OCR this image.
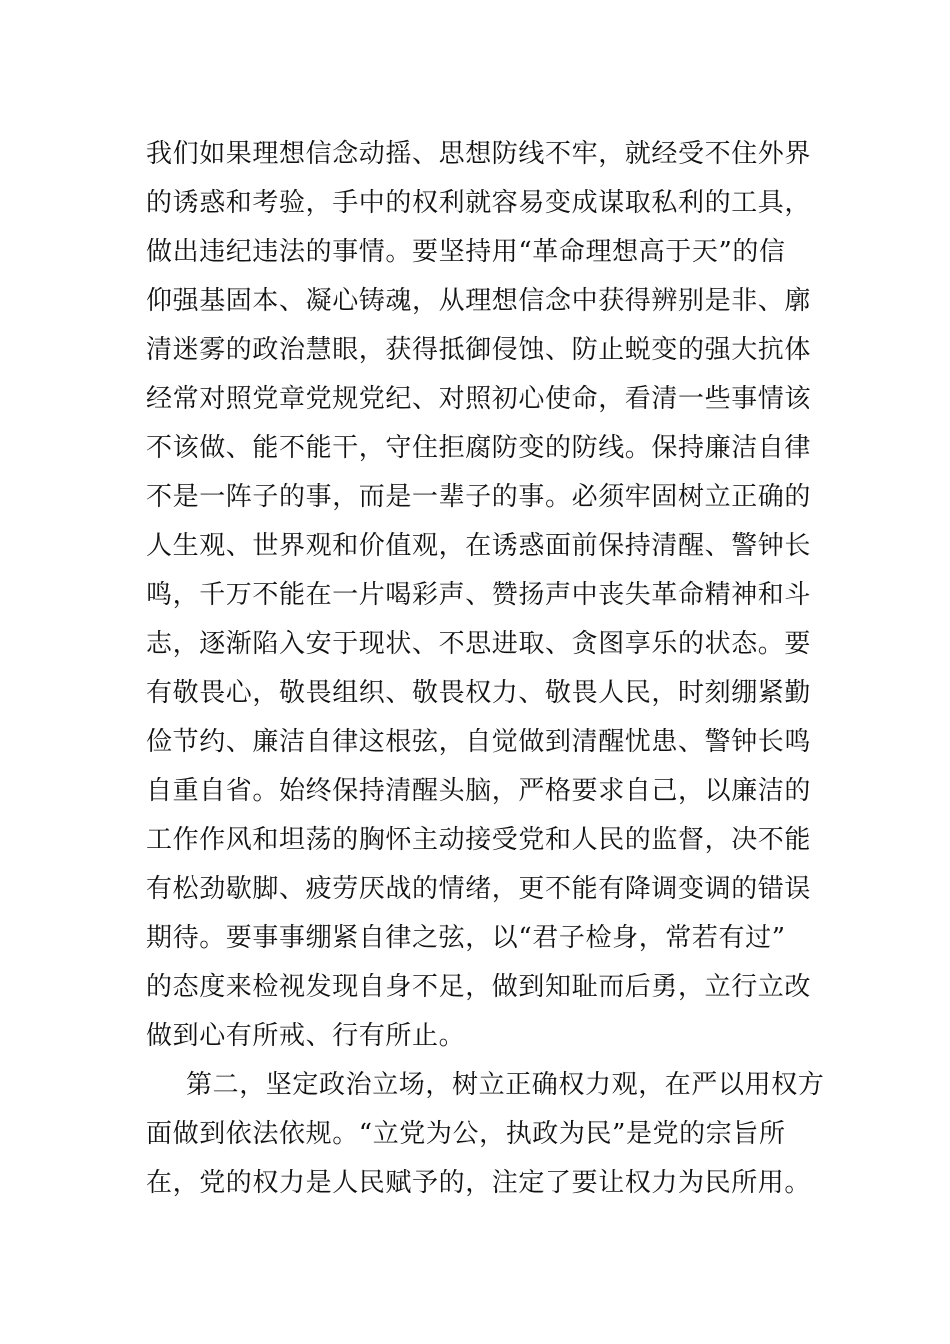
我们如果理想信念动摇、思想防线不牢，就经受不住外界
的诱惑和考验，手中的权利就容易变成谋取私利的工具，
做出违纪违法的事情。要坚持用“革命理想高于天”的信
仰强基固本、凝心铸魂，从理想信念中获得辨别是非、廓
清迷雾的政治慧眼，获得抵御侵蚀、防止蜕变的强大抗体
经常对照党章党规党纪、对照初心使命，看清一些事情该
不该做、能不能干，守住拒腐防变的防线。保持廉洁自律
不是一阵子的事，而是一辈子的事。必须牢固树立正确的
人生观、世界观和价值观，在诱惑面前保持清醒、警钟长
鸣，千万不能在一片喝彩声、赞扬声中丧失革命精神和斗
志，逐渐陷入安于现状、不思进取、贪图享乐的状态。要
有敬畏心，敬畏组织、敬畏权力、敬畏人民，时刻绷紧勤
俭节约、廉洁自律这根弦，自觉做到清醒忧患、警钟长鸣
自重自省。始终保持清醒头脑，严格要求自己，以廉洁的
工作作风和坦荡的胸怀主动接受党和人民的监督，决不能
有松劲歇脚、疲劳厌战的情绪，更不能有降调变调的错误
期待。要事事绷紧自律之弦，以“君子检身，常若有过”
的态度来检视发现自身不足，做到知耻而后勇，立行立改
做到心有所戒、行有所止。
第二，坚定政治立场，树立正确权力观，在严以用权方
面做到依法依规。“立党为公，执政为民”是党的宗旨所
在，党的权力是人民赋予的，注定了要让权力为民所用。
